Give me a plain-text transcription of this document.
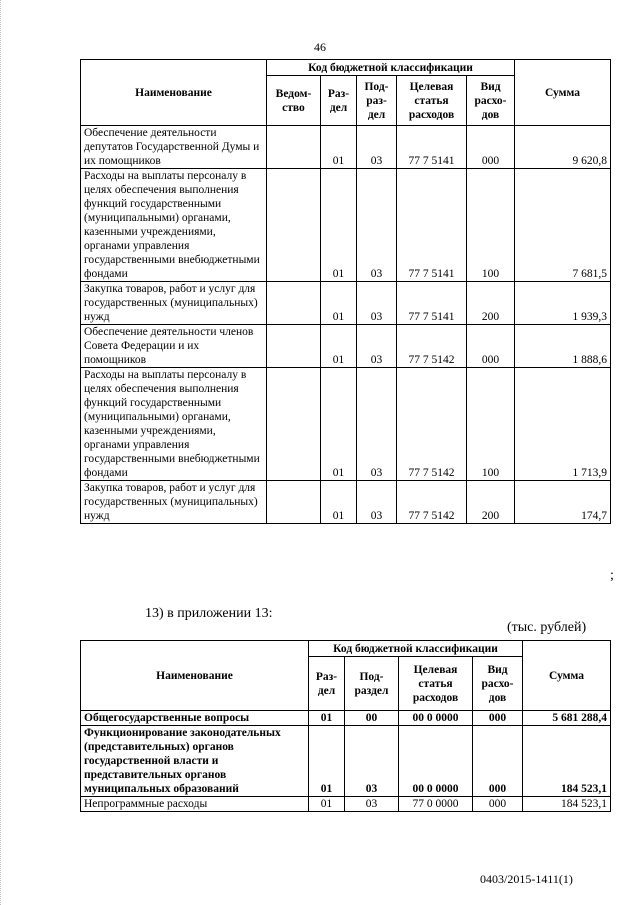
46
Наименование	Код бюджетной классификации					Сумма
	Ведом-ство	Раз-дел	Под-раз-дел	Целевая статья расходов	Вид расхо-дов	
Обеспечение деятельности депутатов Государственной Думы и их помощников		01	03	77 7 5141	000	9 620,8
Расходы на выплаты персоналу в целях обеспечения выполнения функций государственными (муниципальными) органами, казенными учреждениями, органами управления государственными внебюджетными фондами		01	03	77 7 5141	100	7 681,5
Закупка товаров, работ и услуг для государственных (муниципальных) нужд		01	03	77 7 5141	200	1 939,3
Обеспечение деятельности членов Совета Федерации и их помощников		01	03	77 7 5142	000	1 888,6
Расходы на выплаты персоналу в целях обеспечения выполнения функций государственными (муниципальными) органами, казенными учреждениями, органами управления государственными внебюджетными фондами		01	03	77 7 5142	100	1 713,9
Закупка товаров, работ и услуг для государственных (муниципальных) нужд		01	03	77 7 5142	200	174,7
;
13) в приложении 13:
(тыс. рублей)
Наименование	Код бюджетной классификации				Сумма
	Раз-дел	Под-раздел	Целевая статья расходов	Вид расхо-дов	
Общегосударственные вопросы	01	00	00 0 0000	000	5 681 288,4
Функционирование законодательных (представительных) органов государственной власти и представительных органов муниципальных образований	01	03	00 0 0000	000	184 523,1
Непрограммные расходы	01	03	77 0 0000	000	184 523,1
0403/2015-1411(1)
